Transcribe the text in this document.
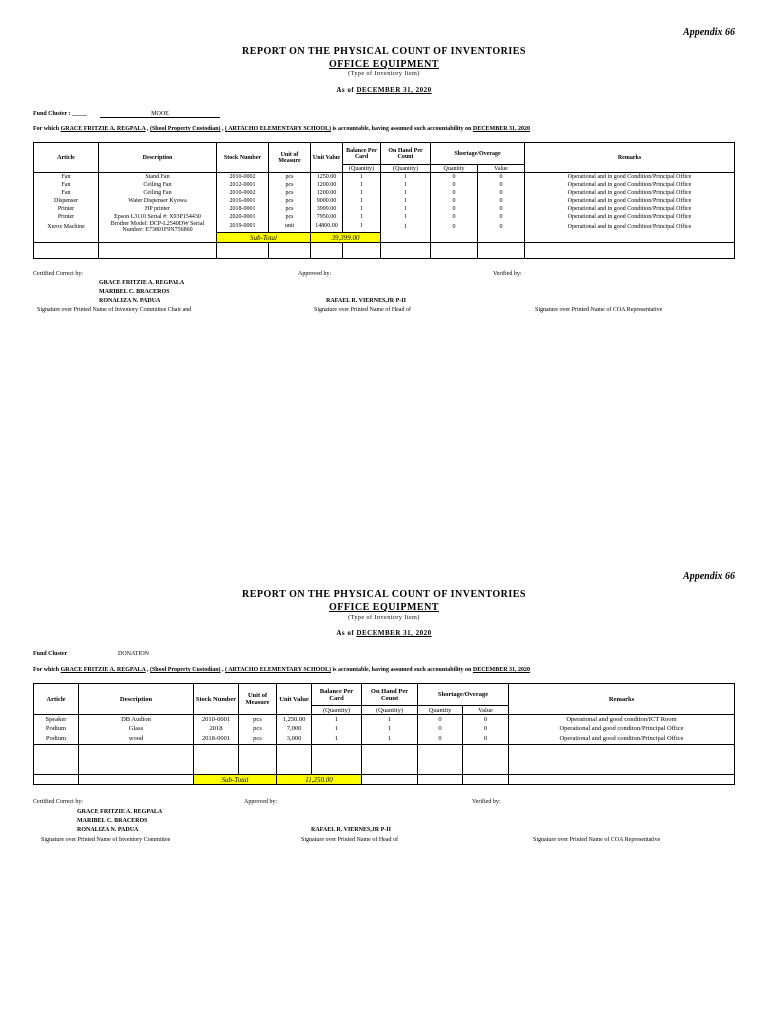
Appendix 66
REPORT ON THE PHYSICAL COUNT OF INVENTORIES
OFFICE EQUIPMENT
(Type of Inventory Item)
As of DECEMBER 31, 2020
Fund Cluster : _____	MOOE
For which GRACE FRITZIE A. REGPALA , (Shool Property Custodian) , ( ARTACHO ELEMENTARY SCHOOL) is accountable, having assumed such accountability on DECEMBER 31, 2020
Article	Description	Stock Number	Unit of Measure	Unit Value	Balance Per Card	On Hand Per Count	Shortage/Overage		Remarks
					(Quantity)	(Quantity)	Quantity	Value	
Fan	Stand Fan	2010-0002	pcs	1250.00	1	1	0	0	Operational and in good Condition/Principal Office
Fan	Ceiling Fan	2012-0001	pcs	1200.00	1	1	0	0	Operational and in good Condition/Principal Office
Fan	Ceiling Fan	2010-0002	pcs	1200.00	1	1	0	0	Operational and in good Condition/Principal Office
Dispenser	Water Dispenser Kyowa	2016-0001	pcs	9000.00	1	1	0	0	Operational and in good Condition/Principal Office
Printer	HP printer	2018-0001	pcs	3999.00	1	1	0	0	Operational and in good Condition/Principal Office
Printer	Epson L3110 Serial #: X93P154430	2020-0001	pcs	7950.00	1	1	0	0	Operational and in good Condition/Principal Office
Xerox Machine	Brother Model: DCP-L2540DW Serial Number: E73801F9N756860	2019-0001	unit	14800.00	1	1	0	0	Operational and in good Condition/Principal Office
		Sub-Total		39,399.00					

Certified Correct by:	Approved by:	Verified by:
GRACE FRITZIE A. REGPALA
MARIBEL C. BRACEROS
RONALIZA N. PADUA	RAFAEL R. VIERNES,JR P-II
Signature over Printed Name of Inventory Committee Chair and	Signature over Printed Name of Head of	Signature over Printed Name of COA Representative
Appendix 66
REPORT ON THE PHYSICAL COUNT OF INVENTORIES
OFFICE EQUIPMENT
(Type of Inventory Item)
As of DECEMBER 31, 2020
Fund Cluster	DONATION
For which GRACE FRITZIE A. REGPALA , (Shool Property Custodian) , ( ARTACHO ELEMENTARY SCHOOL) is accountable, having assumed such accountability on DECEMBER 31, 2020
Article	Description	Stock Number	Unit of Measure	Unit Value	Balance Per Card	On Hand Per Count	Shortage/Overage		Remarks
					(Quantity)	(Quantity)	Quantity	Value	
Speaker	DB Audion	2010-0001	pcs	1,250.00	1	1	0	0	Operational and good conditon/ICT Room
Podium	Glass	2018	pcs	7,000	1	1	0	0	Operational and good conditon/Principal Office
Podium	wood	2018-0001	pcs	3,000	1	1	0	0	Operational and good conditon/Principal Office

		Sub-Total		11,250.00					
Certified Correct by:	Approved by:	Verified by:
GRACE FRITZIE A. REGPALA
MARIBEL C. BRACEROS
RONALIZA N. PADUA	RAFAEL R. VIERNES,JR P-II
Signature over Printed Name of Inventory Committee	Signature over Printed Name of Head of	Signature over Printed Name of COA Representative
